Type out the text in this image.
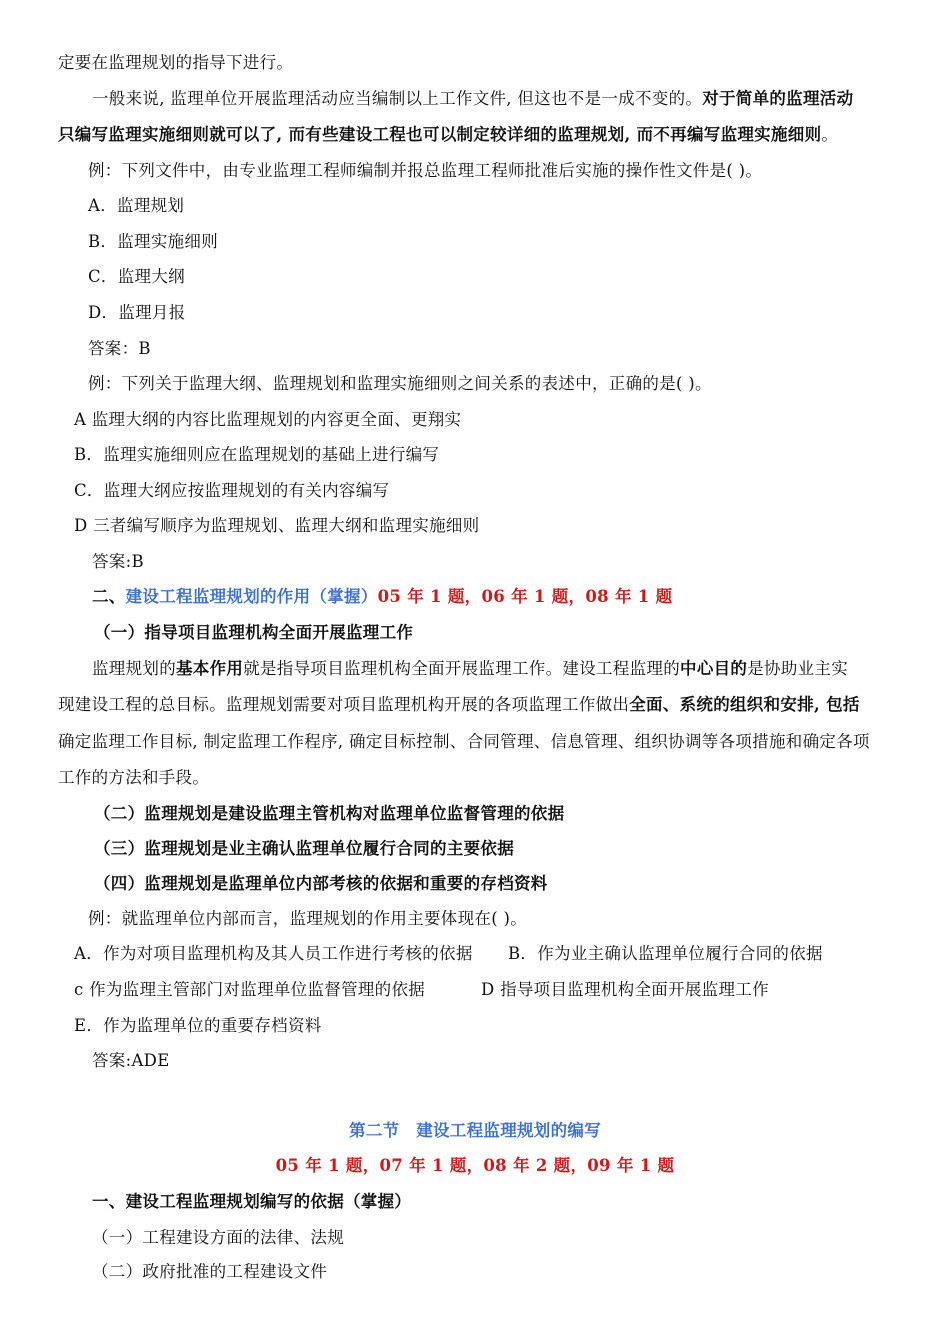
定要在监理规划的指导下进行。
一般来说, 监理单位开展监理活动应当编制以上工作文件, 但这也不是一成不变的。对于简单的监理活动
只编写监理实施细则就可以了, 而有些建设工程也可以制定较详细的监理规划, 而不再编写监理实施细则。
例：下列文件中，由专业监理工程师编制并报总监理工程师批准后实施的操作性文件是( )。
A．监理规划
B．监理实施细则
C．监理大纲
D．监理月报
答案：B
例：下列关于监理大纲、监理规划和监理实施细则之间关系的表述中，正确的是( )。
A 监理大纲的内容比监理规划的内容更全面、更翔实
B．监理实施细则应在监理规划的基础上进行编写
C．监理大纲应按监理规划的有关内容编写
D 三者编写顺序为监理规划、监理大纲和监理实施细则
答案:B
二、建设工程监理规划的作用（掌握）05 年 1 题，06 年 1 题，08 年 1 题
（一）指导项目监理机构全面开展监理工作
监理规划的基本作用就是指导项目监理机构全面开展监理工作。建设工程监理的中心目的是协助业主实
现建设工程的总目标。监理规划需要对项目监理机构开展的各项监理工作做出全面、系统的组织和安排, 包括
确定监理工作目标, 制定监理工作程序, 确定目标控制、合同管理、信息管理、组织协调等各项措施和确定各项
工作的方法和手段。
（二）监理规划是建设监理主管机构对监理单位监督管理的依据
（三）监理规划是业主确认监理单位履行合同的主要依据
（四）监理规划是监理单位内部考核的依据和重要的存档资料
例：就监理单位内部而言，监理规划的作用主要体现在( )。
A．作为对项目监理机构及其人员工作进行考核的依据 B．作为业主确认监理单位履行合同的依据
c 作为监理主管部门对监理单位监督管理的依据	D 指导项目监理机构全面开展监理工作
E．作为监理单位的重要存档资料
答案:ADE
第二节　建设工程监理规划的编写
05 年 1 题，07 年 1 题，08 年 2 题，09 年 1 题
一、建设工程监理规划编写的依据（掌握）
（一）工程建设方面的法律、法规
（二）政府批准的工程建设文件
